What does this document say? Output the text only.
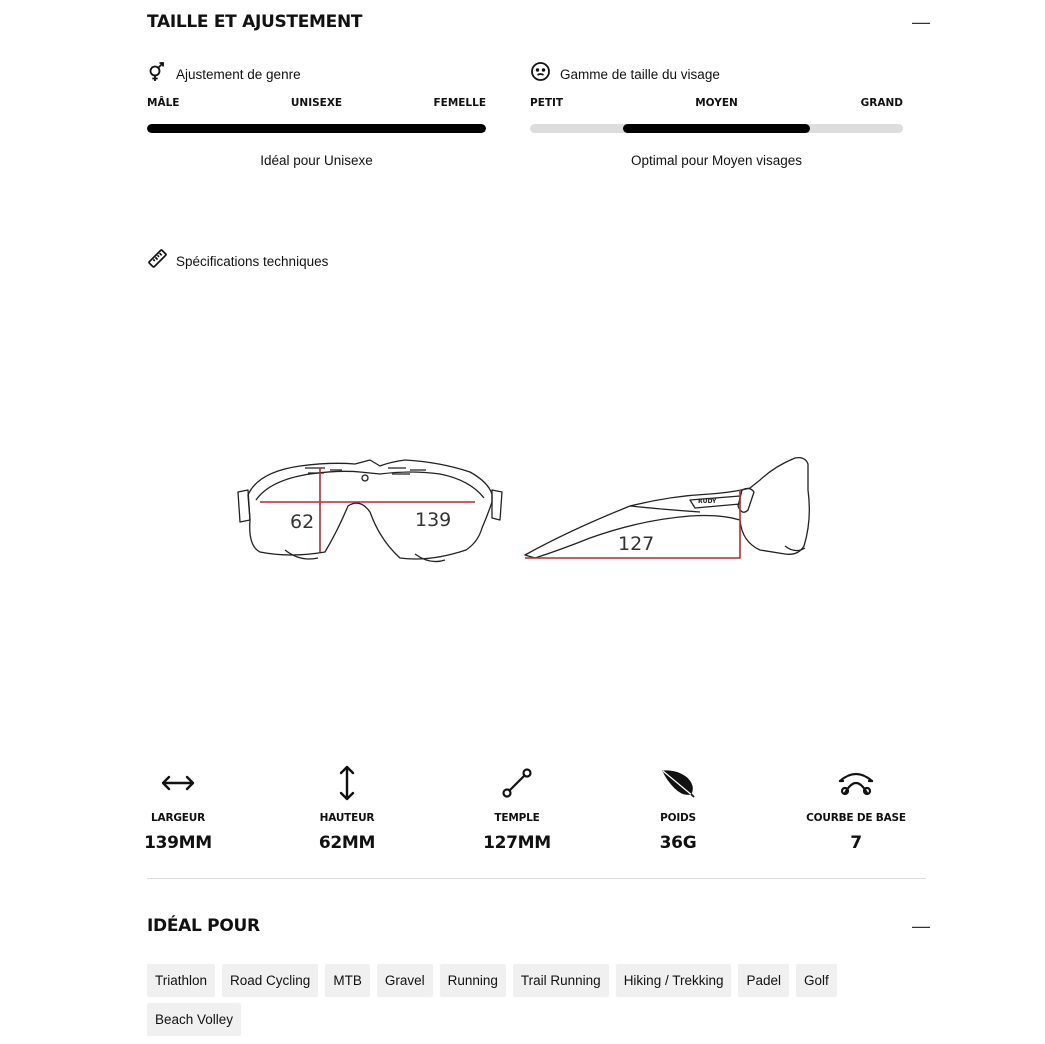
TAILLE ET AJUSTEMENT	—
Ajustement de genre
MÂLE	UNISEXE	FEMELLE

Idéal pour Unisexe

Gamme de taille du visage
PETIT	MOYEN	GRAND

Optimal pour Moyen visages

Spécifications techniques
62	139
RUDY
127
LARGEUR
139MM
HAUTEUR
62MM
TEMPLE
127MM
POIDS
36G
COURBE DE BASE
7
IDÉAL POUR	—
Triathlon	Road Cycling	MTB	Gravel	Running	Trail Running	Hiking / Trekking	Padel	Golf
Beach Volley
